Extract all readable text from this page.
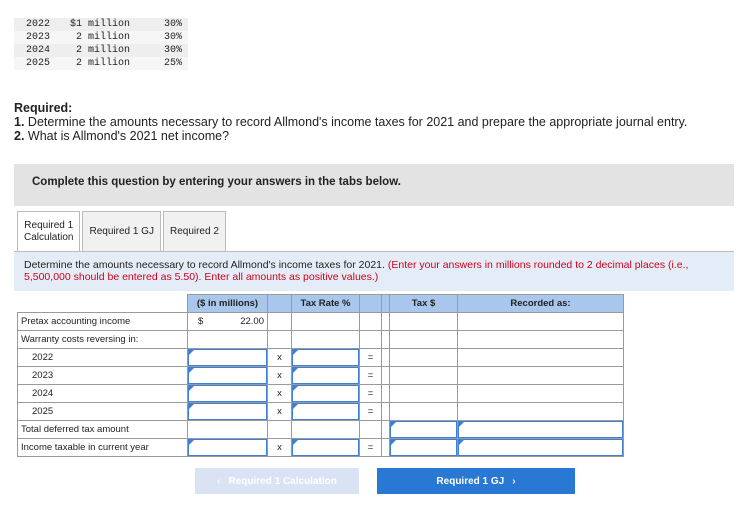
2022	$1 million	30%
2023	2 million	30%
2024	2 million	30%
2025	2 million	25%
Required:
1. Determine the amounts necessary to record Allmond's income taxes for 2021 and prepare the appropriate journal entry.
2. What is Allmond's 2021 net income?
Complete this question by entering your answers in the tabs below.
Required 1
Calculation
Required 1 GJ	Required 2
Determine the amounts necessary to record Allmond's income taxes for 2021. (Enter your answers in millions rounded to 2 decimal places (i.e., 5,500,000 should be entered as 5.50). Enter all amounts as positive values.)
	($ in millions)		Tax Rate %			Tax $	Recorded as:
Pretax accounting income	$ 22.00						

Warranty costs reversing in:							
2022		x		=			
2023		x		=			
2024		x		=			
2025		x		=			
Total deferred tax amount							
Income taxable in current year		x		=			
‹ Required 1 Calculation	Required 1 GJ ›
